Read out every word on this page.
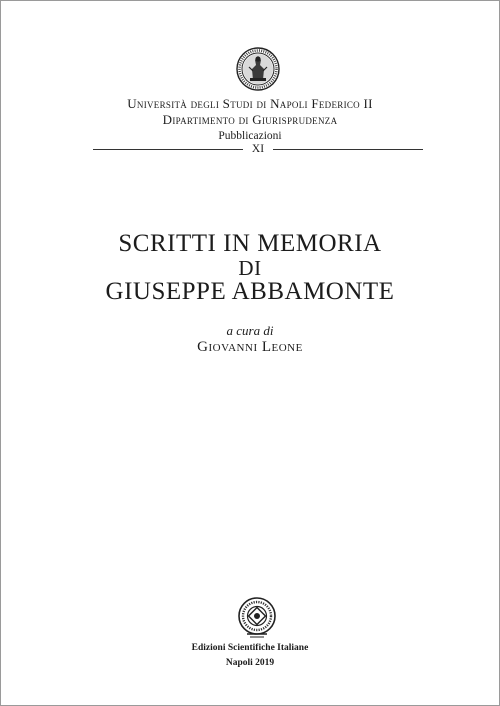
Università degli Studi di Napoli Federico II
Dipartimento di Giurisprudenza
Pubblicazioni
XI
SCRITTI IN MEMORIA
DI
GIUSEPPE ABBAMONTE
a cura di
Giovanni Leone
Edizioni Scientifiche Italiane
Napoli 2019
